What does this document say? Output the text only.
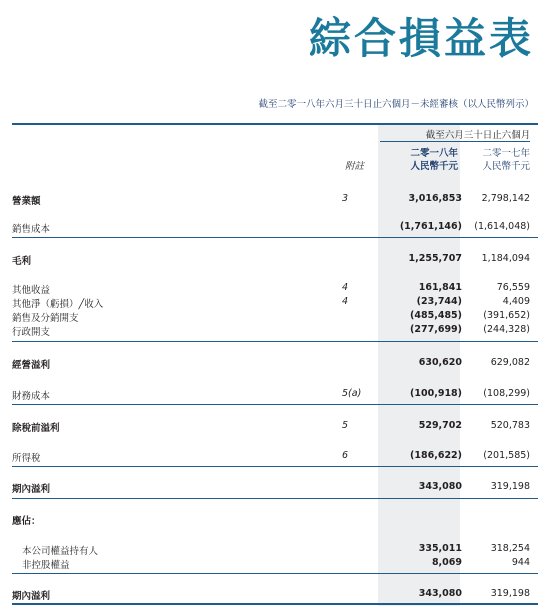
綜合損益表
截至二零一八年六月三十日止六個月－未經審核（以人民幣列示）
截至六月三十日止六個月
附註
二零一八年
人民幣千元
二零一七年
人民幣千元
營業額	3	3,016,853 2,798,142
銷售成本	(1,761,146) (1,614,048)
毛利	1,255,707 1,184,094
其他收益	4	161,841	76,559
其他淨（虧損）╱收入	4	(23,744)	4,409
銷售及分銷開支	(485,485) (391,652)
行政開支	(277,699) (244,328)
經營溢利	630,620	629,082
財務成本	5(a)	(100,918) (108,299)
除稅前溢利	5	529,702	520,783
所得稅	6	(186,622) (201,585)
期內溢利	343,080	319,198
應佔：
本公司權益持有人	335,011	318,254
非控股權益	8,069	944
期內溢利	343,080	319,198
